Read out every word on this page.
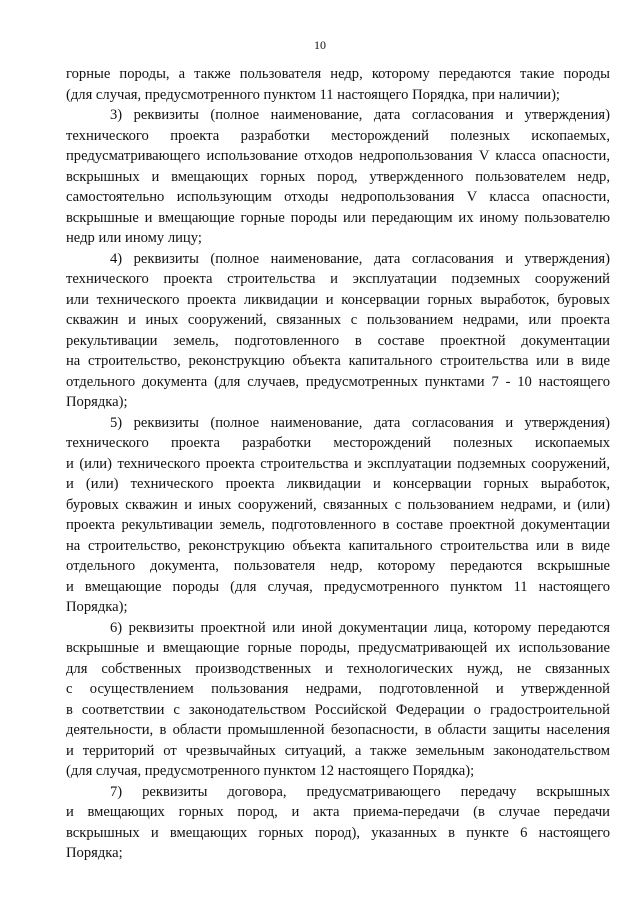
10

горные породы, а также пользователя недр, которому передаются такие породы
(для случая, предусмотренного пунктом 11 настоящего Порядка, при наличии);

3) реквизиты (полное наименование, дата согласования и утверждения)
технического проекта разработки месторождений полезных ископаемых,
предусматривающего использование отходов недропользования V класса опасности,
вскрышных и вмещающих горных пород, утвержденного пользователем недр,
самостоятельно использующим отходы недропользования V класса опасности,
вскрышные и вмещающие горные породы или передающим их иному пользователю
недр или иному лицу;

4) реквизиты (полное наименование, дата согласования и утверждения)
технического проекта строительства и эксплуатации подземных сооружений
или технического проекта ликвидации и консервации горных выработок, буровых
скважин и иных сооружений, связанных с пользованием недрами, или проекта
рекультивации земель, подготовленного в составе проектной документации
на строительство, реконструкцию объекта капитального строительства или в виде
отдельного документа (для случаев, предусмотренных пунктами 7 - 10 настоящего
Порядка);

5) реквизиты (полное наименование, дата согласования и утверждения)
технического проекта разработки месторождений полезных ископаемых
и (или) технического проекта строительства и эксплуатации подземных сооружений,
и (или) технического проекта ликвидации и консервации горных выработок,
буровых скважин и иных сооружений, связанных с пользованием недрами, и (или)
проекта рекультивации земель, подготовленного в составе проектной документации
на строительство, реконструкцию объекта капитального строительства или в виде
отдельного документа, пользователя недр, которому передаются вскрышные
и вмещающие породы (для случая, предусмотренного пунктом 11 настоящего
Порядка);

6) реквизиты проектной или иной документации лица, которому передаются
вскрышные и вмещающие горные породы, предусматривающей их использование
для собственных производственных и технологических нужд, не связанных
с осуществлением пользования недрами, подготовленной и утвержденной
в соответствии с законодательством Российской Федерации о градостроительной
деятельности, в области промышленной безопасности, в области защиты населения
и территорий от чрезвычайных ситуаций, а также земельным законодательством
(для случая, предусмотренного пунктом 12 настоящего Порядка);

7) реквизиты договора, предусматривающего передачу вскрышных
и вмещающих горных пород, и акта приема-передачи (в случае передачи
вскрышных и вмещающих горных пород), указанных в пункте 6 настоящего
Порядка;
